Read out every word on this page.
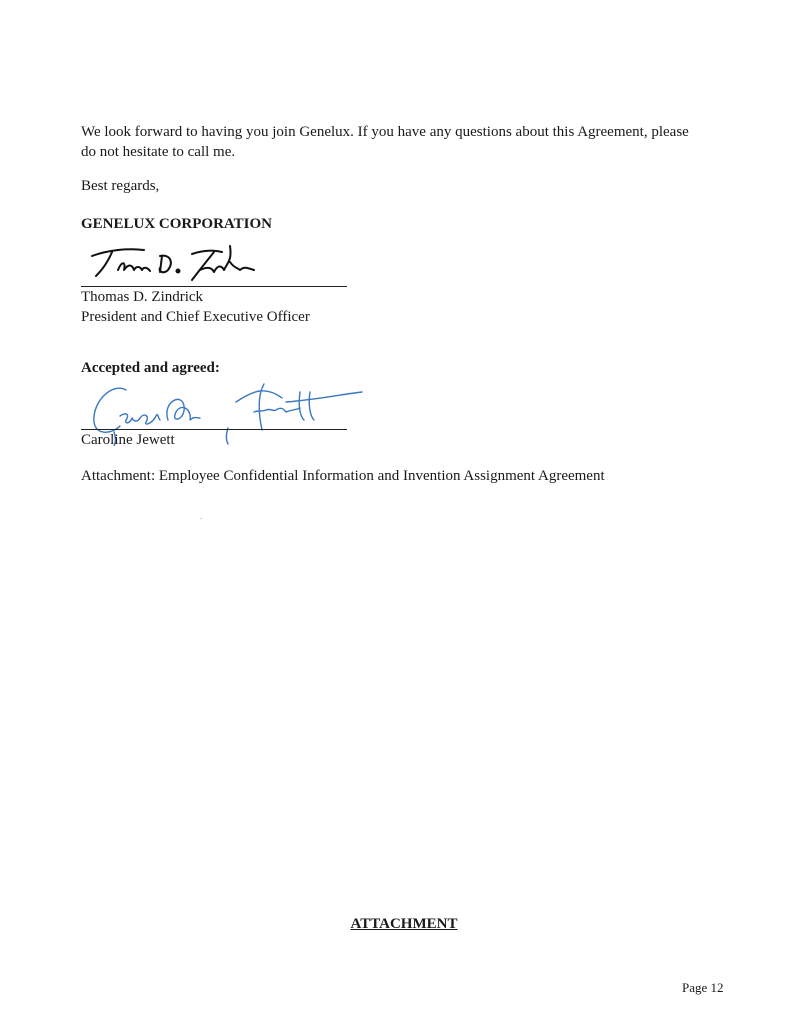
We look forward to having you join Genelux. If you have any questions about this Agreement, please
do not hesitate to call me.

Best regards,

GENELUX CORPORATION

Thomas D. Zindrick
President and Chief Executive Officer

Accepted and agreed:

Caroline Jewett

Attachment: Employee Confidential Information and Invention Assignment Agreement

ATTACHMENT
Page 12
